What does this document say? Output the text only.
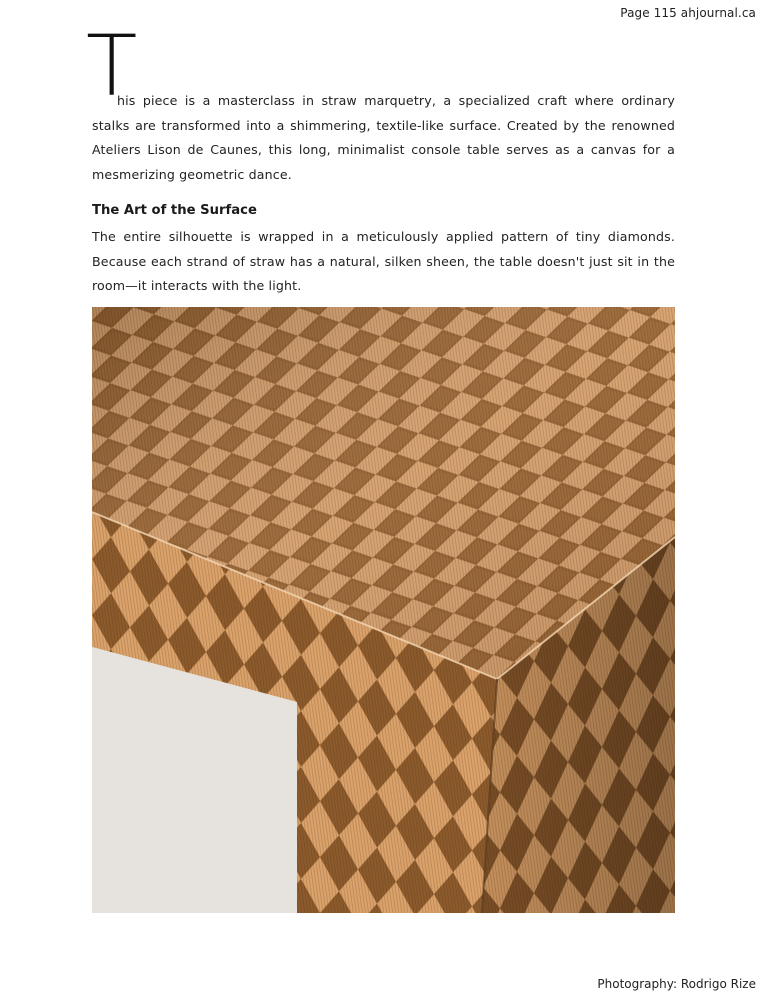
Page 115 ahjournal.ca
T

his piece is a masterclass in straw marquetry, a specialized craft where ordinary stalks are transformed into a shimmering, textile-like surface. Created by the renowned Ateliers Lison de Caunes, this long, minimalist console table serves as a canvas for a mesmerizing geometric dance.

The Art of the Surface

The entire silhouette is wrapped in a meticulously applied pattern of tiny diamonds. Because each strand of straw has a natural, silken sheen, the table doesn't just sit in the room—it interacts with the light.

Photography: Rodrigo Rize
